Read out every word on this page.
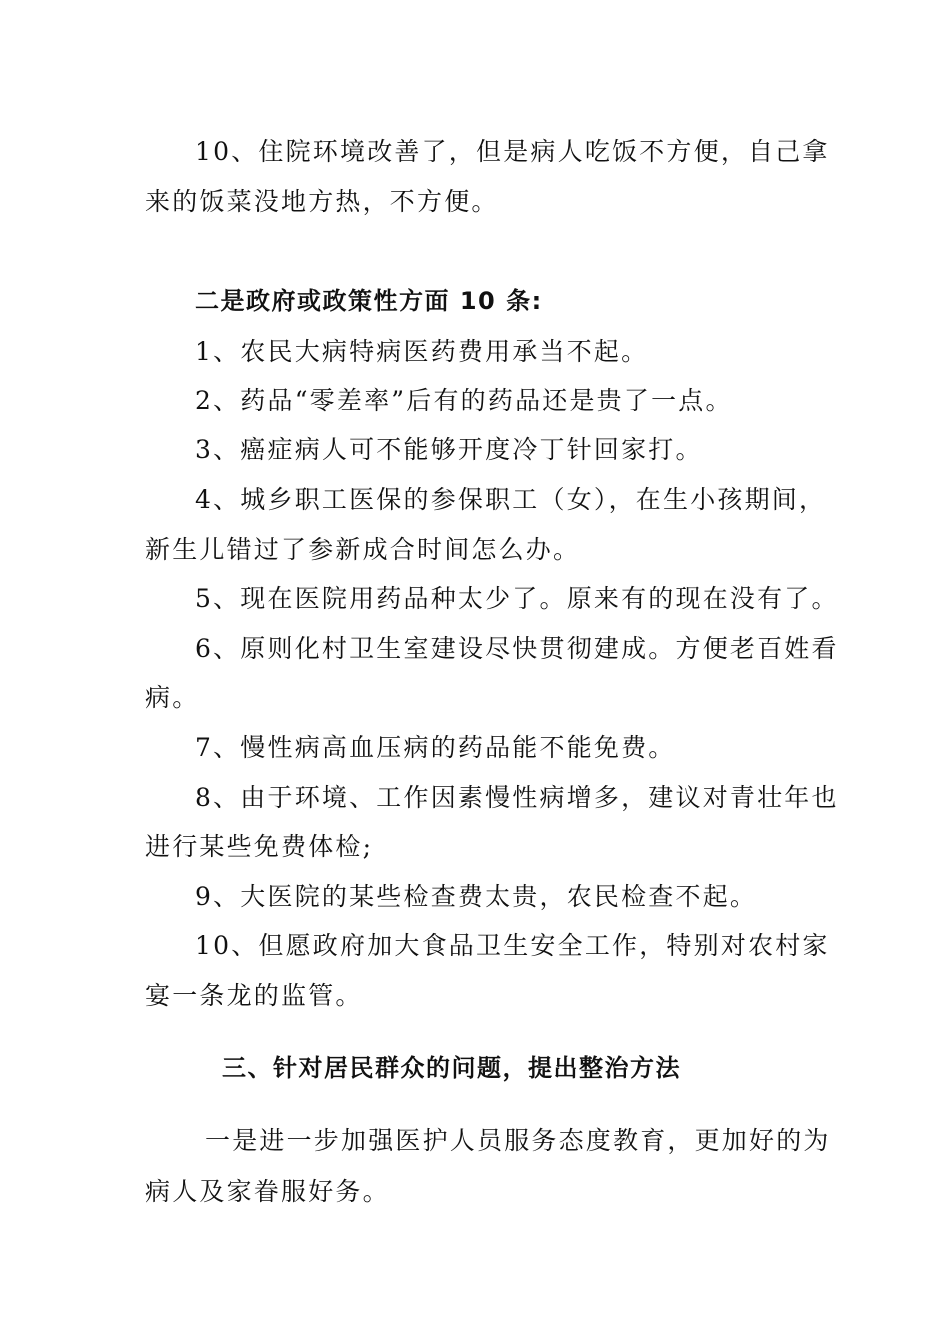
10、住院环境改善了，但是病人吃饭不方便，自己拿
来的饭菜没地方热，不方便。
二是政府或政策性方面 10 条:
1、农民大病特病医药费用承当不起。
2、药品“零差率”后有的药品还是贵了一点。
3、癌症病人可不能够开度冷丁针回家打。
4、城乡职工医保的参保职工（女），在生小孩期间，
新生儿错过了参新成合时间怎么办。
5、现在医院用药品种太少了。原来有的现在没有了。
6、原则化村卫生室建设尽快贯彻建成。方便老百姓看
病。
7、慢性病高血压病的药品能不能免费。
8、由于环境、工作因素慢性病增多，建议对青壮年也
进行某些免费体检;
9、大医院的某些检查费太贵，农民检查不起。
10、但愿政府加大食品卫生安全工作，特别对农村家
宴一条龙的监管。
三、针对居民群众的问题，提出整治方法
一是进一步加强医护人员服务态度教育，更加好的为
病人及家眷服好务。
